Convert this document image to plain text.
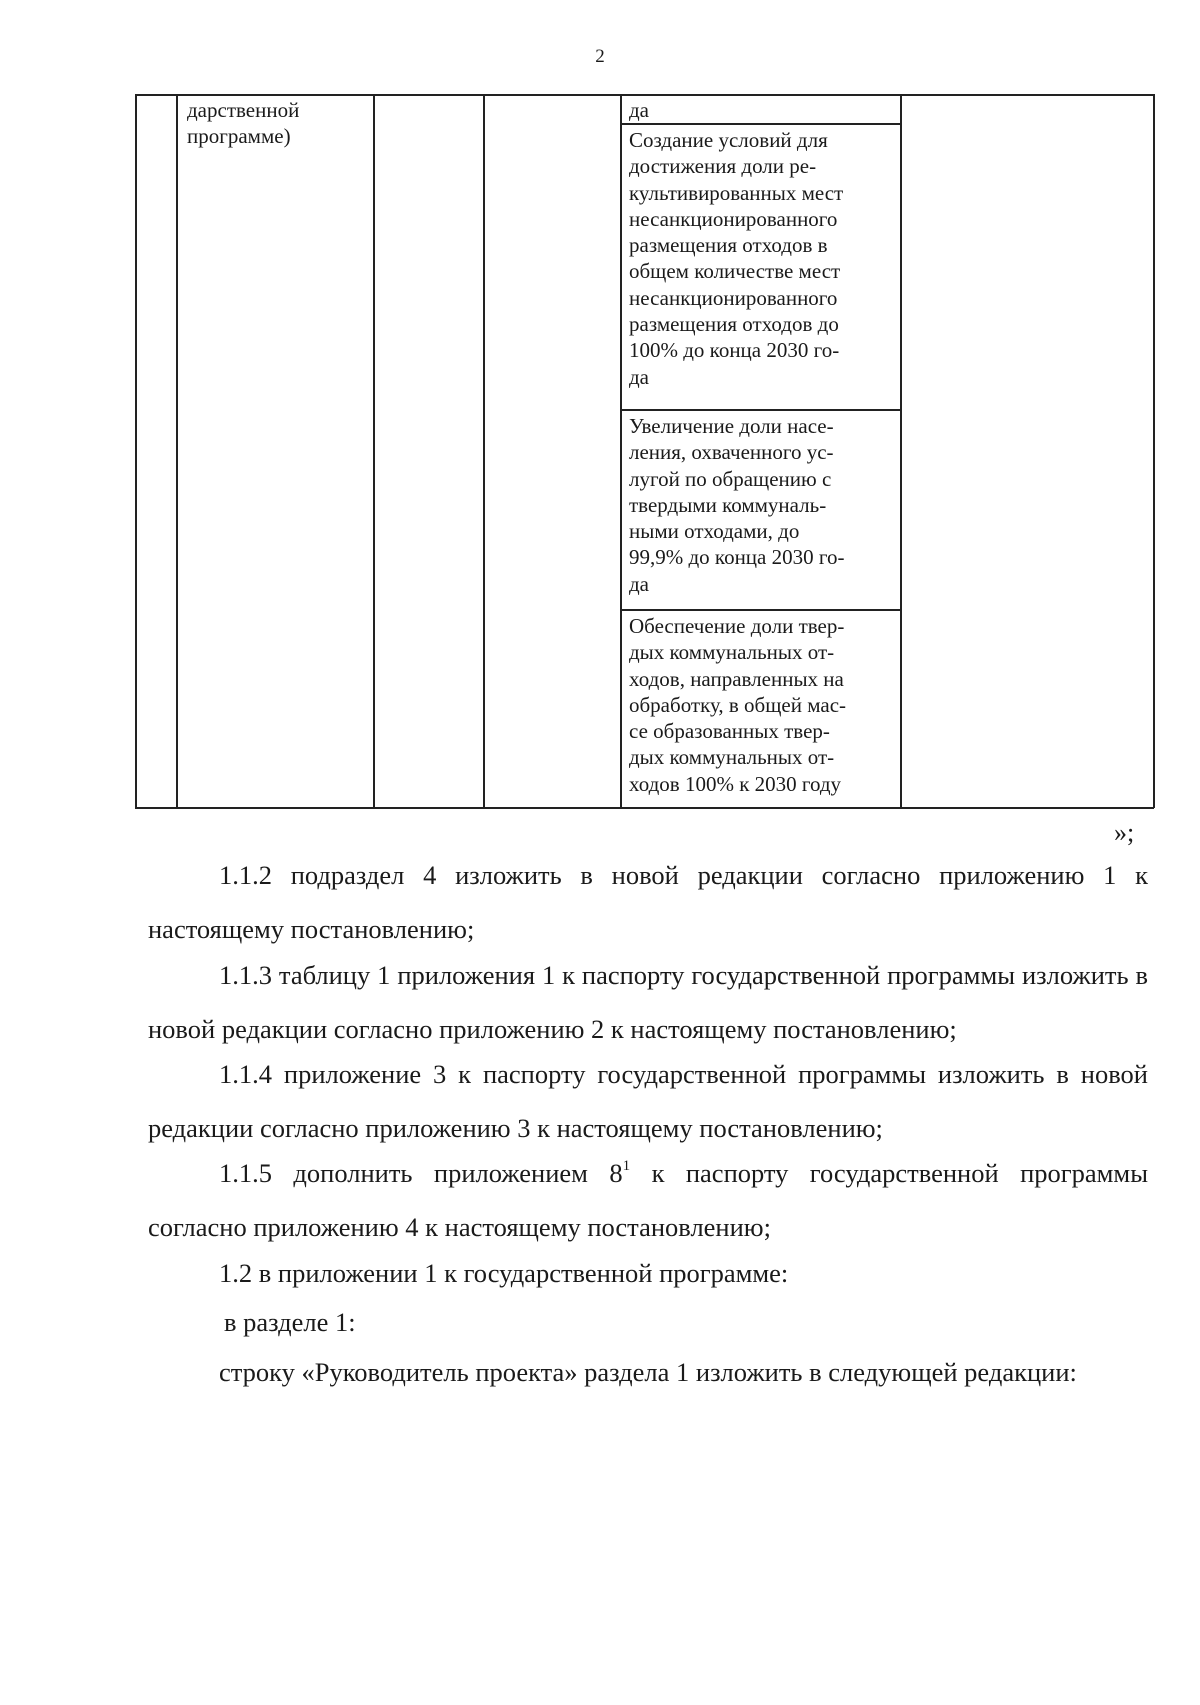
2
дарственной
программе)
да
Создание условий для
достижения доли ре-
культивированных мест
несанкционированного
размещения отходов в
общем количестве мест
несанкционированного
размещения отходов до
100% до конца 2030 го-
да
Увеличение доли насе-
ления, охваченного ус-
лугой по обращению с
твердыми коммуналь-
ными отходами, до
99,9% до конца 2030 го-
да
Обеспечение доли твер-
дых коммунальных от-
ходов, направленных на
обработку, в общей мас-
се образованных твер-
дых коммунальных от-
ходов 100% к 2030 году
»;
1.1.2 подраздел 4 изложить в новой редакции согласно приложению 1 к настоящему постановлению;
1.1.3 таблицу 1 приложения 1 к паспорту государственной программы изложить в новой редакции согласно приложению 2 к настоящему постановлению;
1.1.4 приложение 3 к паспорту государственной программы изложить в новой редакции согласно приложению 3 к настоящему постановлению;
1.1.5 дополнить приложением $8^1$ к паспорту государственной программы согласно приложению 4 к настоящему постановлению;
1.2 в приложении 1 к государственной программе:
в разделе 1:
строку «Руководитель проекта» раздела 1 изложить в следующей редакции:
